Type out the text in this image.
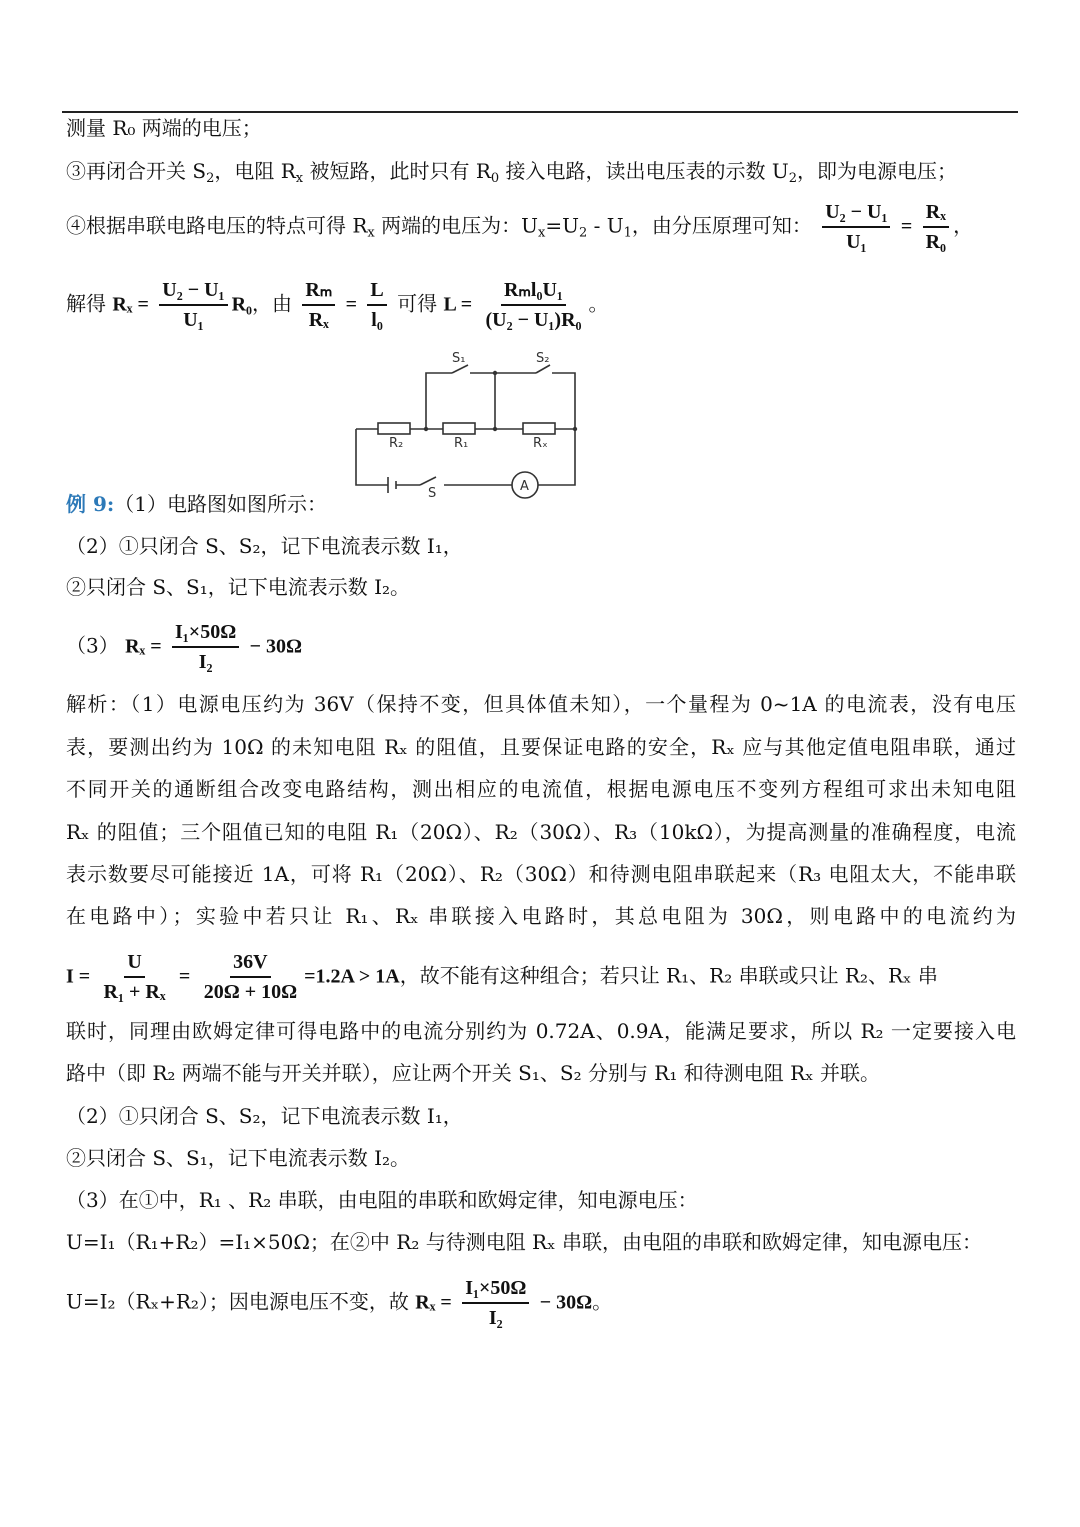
测量 R₀ 两端的电压；
③再闭合开关 $S_2$，电阻 $R_x$ 被短路，此时只有 $R_0$ 接入电路，读出电压表的示数 $U_2$，即为电源电压；
④根据串联电路电压的特点可得 $R_x$ 两端的电压为：$U_x=U_2 - U_1$，由分压原理可知： $\frac{\text{U₂ − U₁}}{\text{U₁}} = \frac{\text{Rₓ}}{\text{R₀}}$ ，
解得 $R_x = \frac{\text{U₂ − U₁}}{\text{U₁}} R_0$，由 $\frac{\text{Rₘ}}{\text{Rₓ}} = \frac{L}{\text{l₀}}$ 可得 $L = \frac{\text{Rₘl₀U₁}}{\text{(U₂ − U₁)R₀}}$ 。
S₁	S₂
R₂	R₁	Rₓ
S	A
例 9:（1）电路图如图所示：
（2）①只闭合 S、S₂，记下电流表示数 I₁，
②只闭合 S、S₁，记下电流表示数 I₂。
（3） $R_x = \frac{\text{I₁×50Ω}}{\text{I₂}} - 30\Omega$
解析：（1）电源电压约为 36V（保持不变，但具体值未知），一个量程为 0~1A 的电流表，没有电压
表，要测出约为 10Ω 的未知电阻 Rₓ 的阻值，且要保证电路的安全，Rₓ 应与其他定值电阻串联，通过
不同开关的通断组合改变电路结构，测出相应的电流值，根据电源电压不变列方程组可求出未知电阻
Rₓ 的阻值；三个阻值已知的电阻 R₁（20Ω）、R₂（30Ω）、R₃（10kΩ），为提高测量的准确程度，电流
表示数要尽可能接近 1A，可将 R₁（20Ω）、R₂（30Ω）和待测电阻串联起来（R₃ 电阻太大，不能串联
在电路中）；实验中若只让 R₁、Rₓ 串联接入电路时，其总电阻为 30Ω，则电路中的电流约为
$I = \frac{U}{\text{R₁ + Rₓ}} = \frac{36V}{20\Omega + 10\Omega} =1.2A > 1A$，故不能有这种组合；若只让 R₁、R₂ 串联或只让 R₂、Rₓ 串
联时，同理由欧姆定律可得电路中的电流分别约为 0.72A、0.9A，能满足要求，所以 R₂ 一定要接入电
路中（即 R₂ 两端不能与开关并联），应让两个开关 S₁、S₂ 分别与 R₁ 和待测电阻 Rₓ 并联。
（2）①只闭合 S、S₂，记下电流表示数 I₁，
②只闭合 S、S₁，记下电流表示数 I₂。
（3）在①中，R₁ 、R₂ 串联，由电阻的串联和欧姆定律，知电源电压：
U=I₁（R₁+R₂）=I₁×50Ω；在②中 R₂ 与待测电阻 Rₓ 串联，由电阻的串联和欧姆定律，知电源电压：
U=I₂（Rₓ+R₂）；因电源电压不变，故 $R_x = \frac{\text{I₁×50Ω}}{\text{I₂}} - 30\Omega$。
